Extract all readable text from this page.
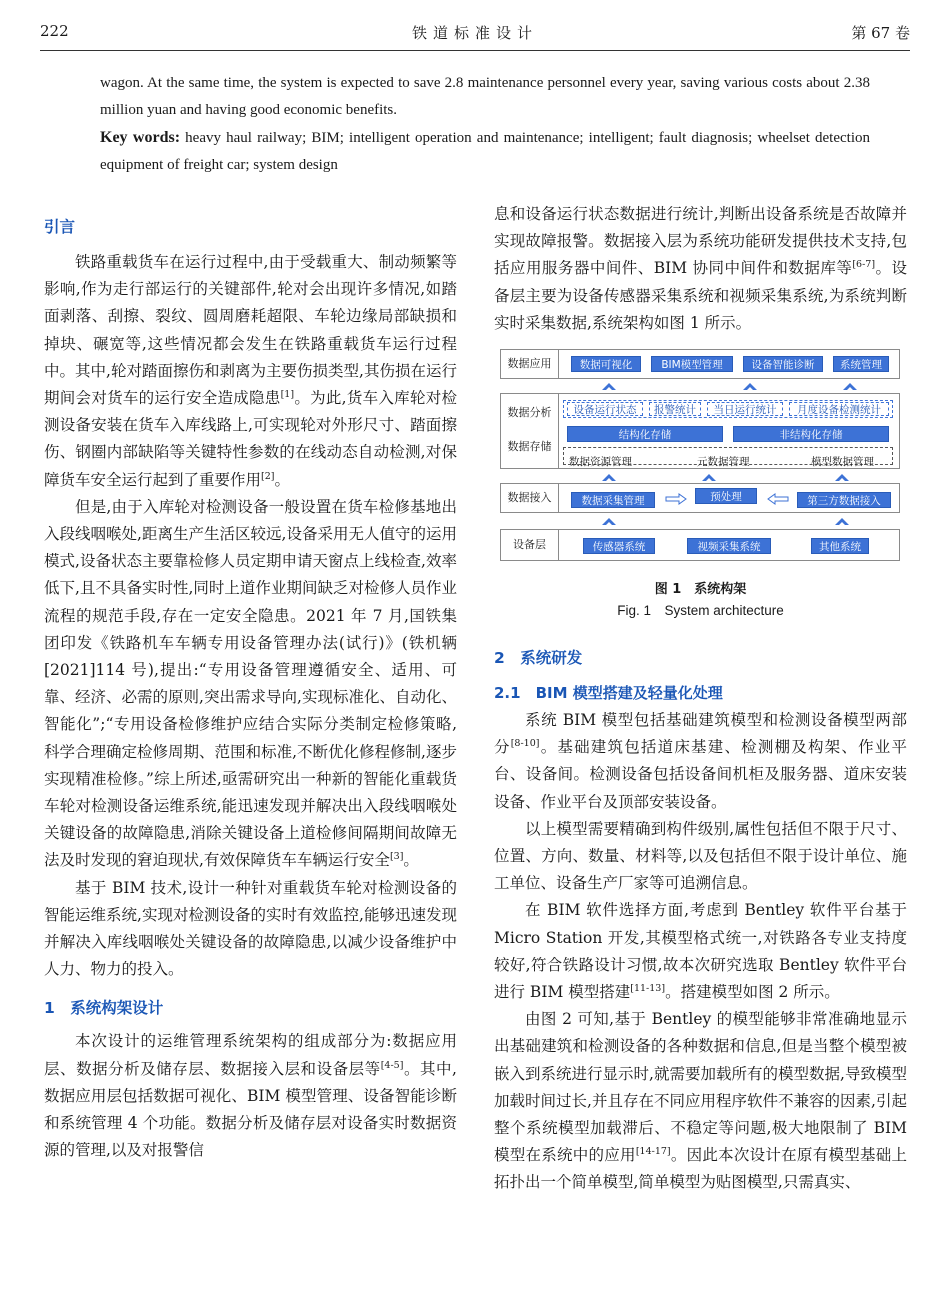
222	铁道标准设计	第 67 卷

wagon. At the same time, the system is expected to save 2.8 maintenance personnel every year, saving various costs about 2.38 million yuan and having good economic benefits.

Key words: heavy haul railway; BIM; intelligent operation and maintenance; intelligent; fault diagnosis; wheelset detection equipment of freight car; system design

引言

铁路重载货车在运行过程中,由于受载重大、制动频繁等影响,作为走行部运行的关键部件,轮对会出现许多情况,如踏面剥落、刮擦、裂纹、圆周磨耗超限、车轮边缘局部缺损和掉块、碾宽等,这些情况都会发生在铁路重载货车运行过程中。其中,轮对踏面擦伤和剥离为主要伤损类型,其伤损在运行期间会对货车的运行安全造成隐患[1]。为此,货车入库轮对检测设备安装在货车入库线路上,可实现轮对外形尺寸、踏面擦伤、钢圈内部缺陷等关键特性参数的在线动态自动检测,对保障货车安全运行起到了重要作用[2]。

但是,由于入库轮对检测设备一般设置在货车检修基地出入段线咽喉处,距离生产生活区较远,设备采用无人值守的运用模式,设备状态主要靠检修人员定期申请天窗点上线检查,效率低下,且不具备实时性,同时上道作业期间缺乏对检修人员作业流程的规范手段,存在一定安全隐患。2021 年 7 月,国铁集团印发《铁路机车车辆专用设备管理办法(试行)》(铁机辆[2021]114 号),提出:“专用设备管理遵循安全、适用、可靠、经济、必需的原则,突出需求导向,实现标准化、自动化、智能化”;“专用设备检修维护应结合实际分类制定检修策略,科学合理确定检修周期、范围和标准,不断优化修程修制,逐步实现精准检修。”综上所述,亟需研究出一种新的智能化重载货车轮对检测设备运维系统,能迅速发现并解决出入段线咽喉处关键设备的故障隐患,消除关键设备上道检修间隔期间故障无法及时发现的窘迫现状,有效保障货车车辆运行安全[3]。

基于 BIM 技术,设计一种针对重载货车轮对检测设备的智能运维系统,实现对检测设备的实时有效监控,能够迅速发现并解决入库线咽喉处关键设备的故障隐患,以减少设备维护中人力、物力的投入。

1　系统构架设计

本次设计的运维管理系统架构的组成部分为:数据应用层、数据分析及储存层、数据接入层和设备层等[4-5]。其中,数据应用层包括数据可视化、BIM 模型管理、设备智能诊断和系统管理 4 个功能。数据分析及储存层对设备实时数据资源的管理,以及对报警信

息和设备运行状态数据进行统计,判断出设备系统是否故障并实现故障报警。数据接入层为系统功能研发提供技术支持,包括应用服务器中间件、BIM 协同中间件和数据库等[6-7]。设备层主要为设备传感器采集系统和视频采集系统,为系统判断实时采集数据,系统架构如图 1 所示。

数据应用	数据可视化	BIM模型管理	设备智能诊断	系统管理
数据分析
数据存储
设备运行状态	报警统计	当日运行统计	月度设备检测统计
结构化存储	非结构化存储
数据资源管理	元数据管理	模型数据管理
数据接入	数据采集管理	预处理	第三方数据接入
设备层	传感器系统	视频采集系统	其他系统
图 1　系统构架
Fig. 1　System architecture
2　系统研发
2.1　BIM 模型搭建及轻量化处理

系统 BIM 模型包括基础建筑模型和检测设备模型两部分[8-10]。基础建筑包括道床基建、检测棚及构架、作业平台、设备间。检测设备包括设备间机柜及服务器、道床安装设备、作业平台及顶部安装设备。

以上模型需要精确到构件级别,属性包括但不限于尺寸、位置、方向、数量、材料等,以及包括但不限于设计单位、施工单位、设备生产厂家等可追溯信息。

在 BIM 软件选择方面,考虑到 Bentley 软件平台基于 Micro Station 开发,其模型格式统一,对铁路各专业支持度较好,符合铁路设计习惯,故本次研究选取 Bentley 软件平台进行 BIM 模型搭建[11-13]。搭建模型如图 2 所示。

由图 2 可知,基于 Bentley 的模型能够非常准确地显示出基础建筑和检测设备的各种数据和信息,但是当整个模型被嵌入到系统进行显示时,就需要加载所有的模型数据,导致模型加载时间过长,并且存在不同应用程序软件不兼容的因素,引起整个系统模型加载滞后、不稳定等问题,极大地限制了 BIM 模型在系统中的应用[14-17]。因此本次设计在原有模型基础上拓扑出一个简单模型,简单模型为贴图模型,只需真实、
